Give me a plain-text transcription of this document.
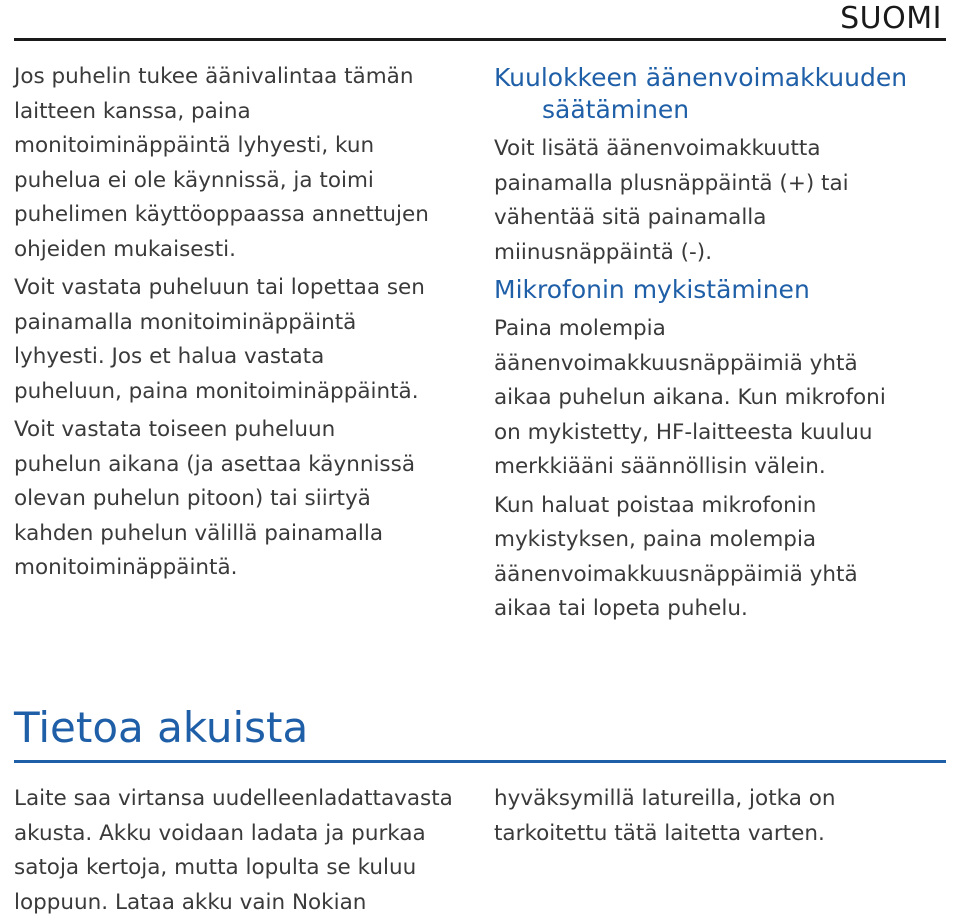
SUOMI

Jos puhelin tukee äänivalintaa tämän
laitteen kanssa, paina
monitoiminäppäintä lyhyesti, kun
puhelua ei ole käynnissä, ja toimi
puhelimen käyttöoppaassa annettujen
ohjeiden mukaisesti.

Voit vastata puheluun tai lopettaa sen
painamalla monitoiminäppäintä
lyhyesti. Jos et halua vastata
puheluun, paina monitoiminäppäintä.

Voit vastata toiseen puheluun
puhelun aikana (ja asettaa käynnissä
olevan puhelun pitoon) tai siirtyä
kahden puhelun välillä painamalla
monitoiminäppäintä.

Kuulokkeen äänenvoimakkuuden
säätäminen

Voit lisätä äänenvoimakkuutta
painamalla plusnäppäintä (+) tai
vähentää sitä painamalla
miinusnäppäintä (-).

Mikrofonin mykistäminen

Paina molempia
äänenvoimakkuusnäppäimiä yhtä
aikaa puhelun aikana. Kun mikrofoni
on mykistetty, HF-laitteesta kuuluu
merkkiääni säännöllisin välein.

Kun haluat poistaa mikrofonin
mykistyksen, paina molempia
äänenvoimakkuusnäppäimiä yhtä
aikaa tai lopeta puhelu.

Tietoa akuista

Laite saa virtansa uudelleenladattavasta
akusta. Akku voidaan ladata ja purkaa
satoja kertoja, mutta lopulta se kuluu
loppuun. Lataa akku vain Nokian

hyväksymillä latureilla, jotka on
tarkoitettu tätä laitetta varten.
